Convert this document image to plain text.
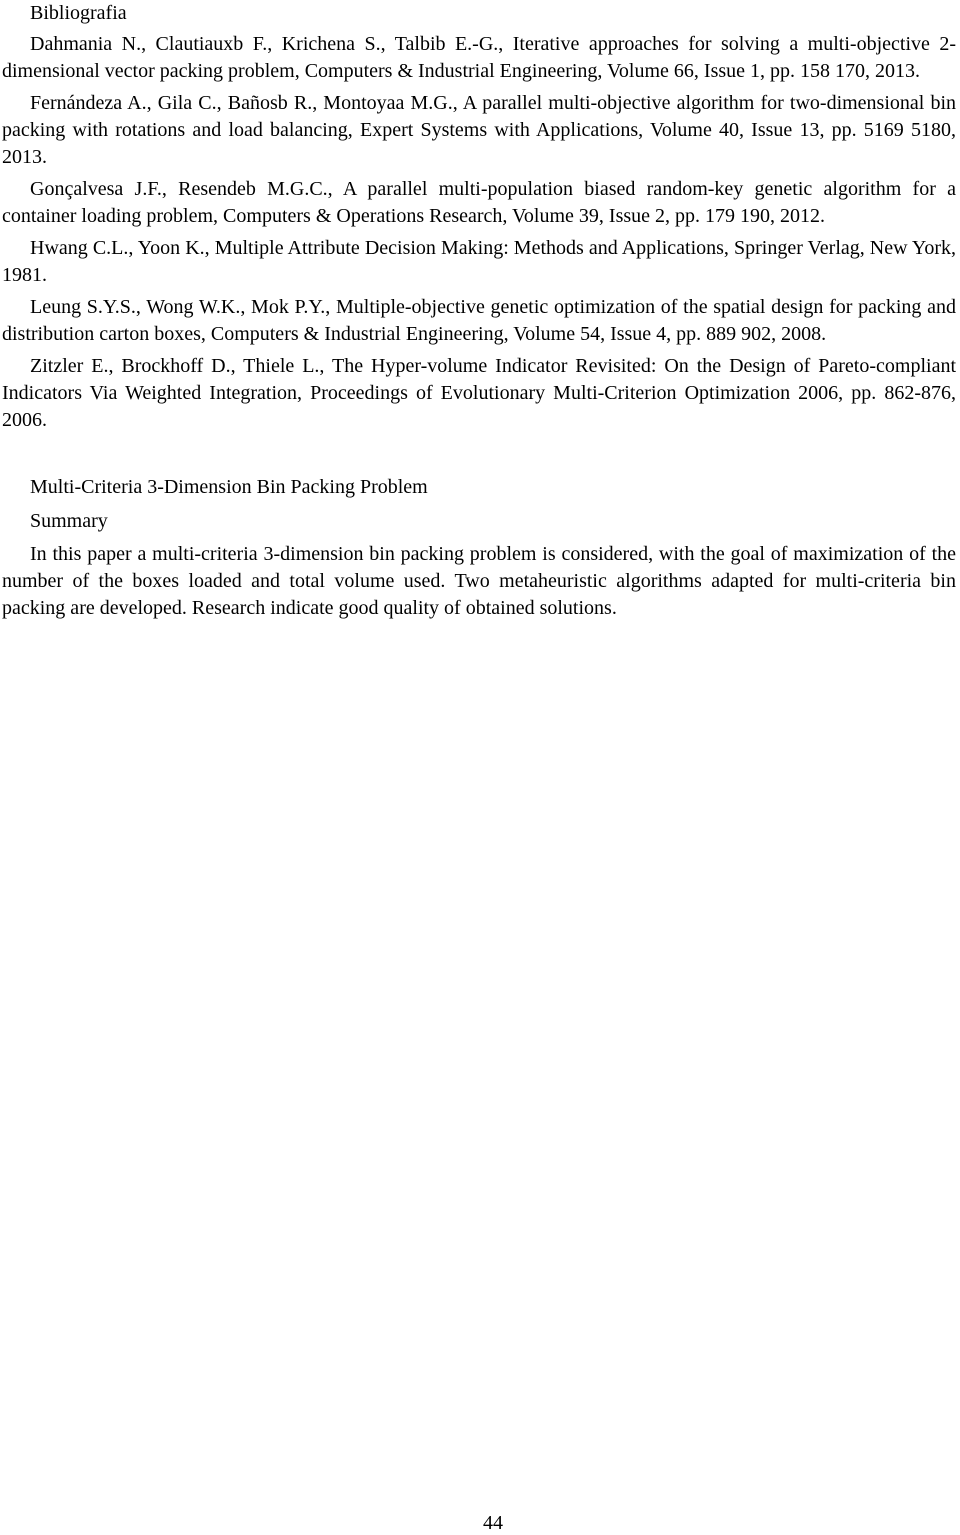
Bibliografia

Dahmania N., Clautiauxb F., Krichena S., Talbib E.-G., Iterative approaches for solving a multi-objective 2-dimensional vector packing problem, Computers & Industrial Engineering, Volume 66, Issue 1, pp. 158 170, 2013.

Fernándeza A., Gila C., Bañosb R., Montoyaa M.G., A parallel multi-objective algorithm for two-dimensional bin packing with rotations and load balancing, Expert Systems with Applications, Volume 40, Issue 13, pp. 5169 5180, 2013.

Gonçalvesa J.F., Resendeb M.G.C., A parallel multi-population biased random-key genetic algorithm for a container loading problem, Computers & Operations Research, Volume 39, Issue 2, pp. 179 190, 2012.

Hwang C.L., Yoon K., Multiple Attribute Decision Making: Methods and Applications, Springer Verlag, New York, 1981.

Leung S.Y.S., Wong W.K., Mok P.Y., Multiple-objective genetic optimization of the spatial design for packing and distribution carton boxes, Computers & Industrial Engineering, Volume 54, Issue 4, pp. 889 902, 2008.

Zitzler E., Brockhoff D., Thiele L., The Hyper-volume Indicator Revisited: On the Design of Pareto-compliant Indicators Via Weighted Integration, Proceedings of Evolutionary Multi-Criterion Optimization 2006, pp. 862-876, 2006.

Multi-Criteria 3-Dimension Bin Packing Problem

Summary

In this paper a multi-criteria 3-dimension bin packing problem is considered, with the goal of maximization of the number of the boxes loaded and total volume used. Two metaheuristic algorithms adapted for multi-criteria bin packing are developed. Research indicate good quality of obtained solutions.

44
